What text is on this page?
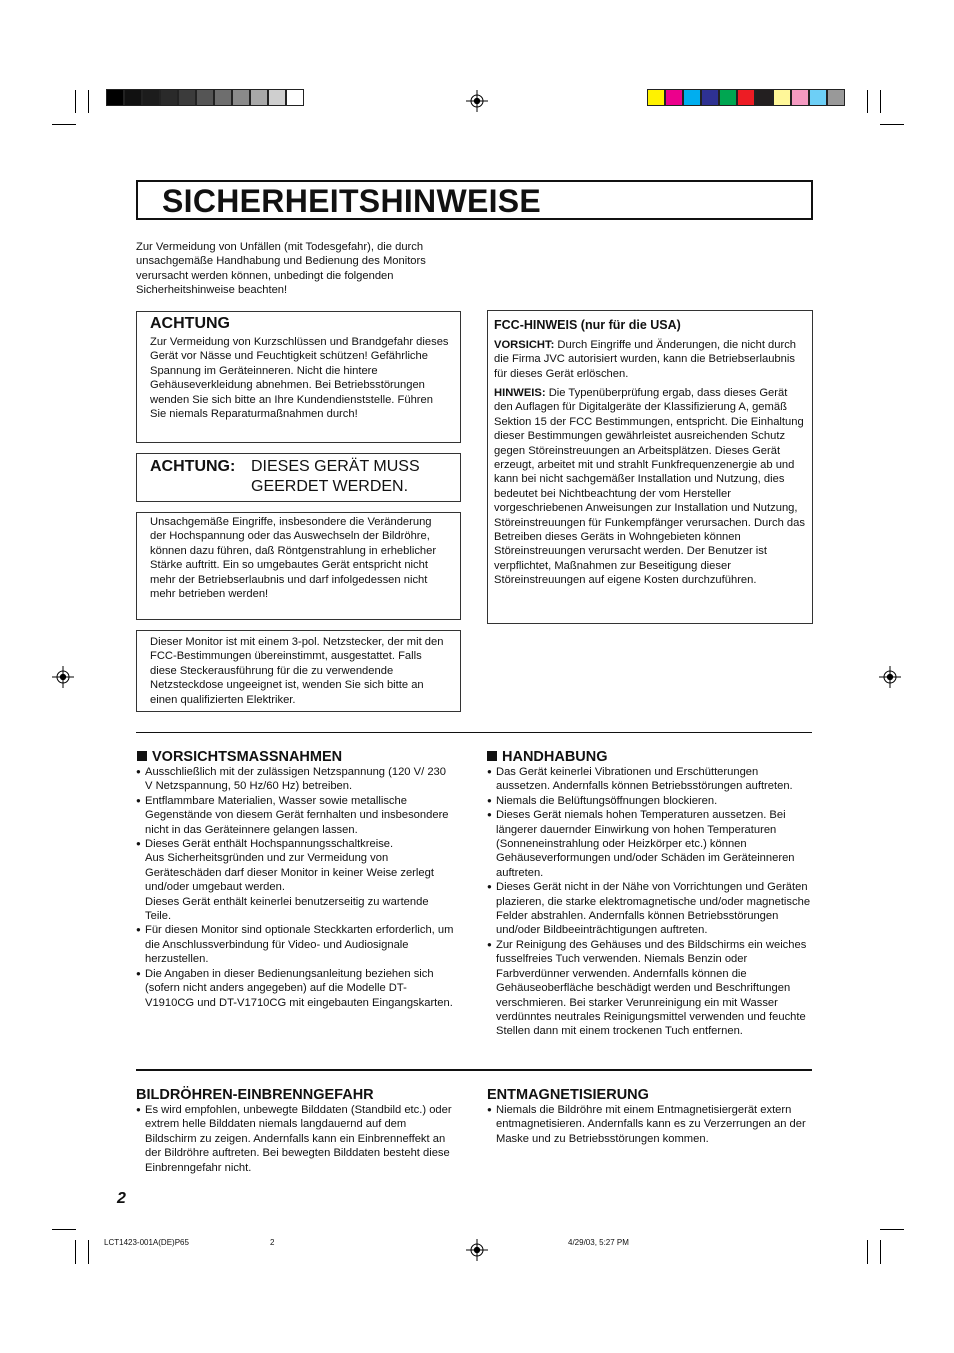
SICHERHEITSHINWEISE
Zur Vermeidung von Unfällen (mit Todesgefahr), die durch unsachgemäße Handhabung und Bedienung des Monitors verursacht werden können, unbedingt die folgenden Sicherheitshinweise beachten!
ACHTUNG
Zur Vermeidung von Kurzschlüssen und Brandgefahr dieses Gerät vor Nässe und Feuchtigkeit schützen! Gefährliche Spannung im Geräteinneren. Nicht die hintere Gehäuseverkleidung abnehmen. Bei Betriebsstörungen wenden Sie sich bitte an Ihre Kundendienststelle. Führen Sie niemals Reparaturmaßnahmen durch!
ACHTUNG: DIESES GERÄT MUSS
GEERDET WERDEN.
Unsachgemäße Eingriffe, insbesondere die Veränderung der Hochspannung oder das Auswechseln der Bildröhre, können dazu führen, daß Röntgenstrahlung in erheblicher Stärke auftritt. Ein so umgebautes Gerät entspricht nicht mehr der Betriebserlaubnis und darf infolgedessen nicht mehr betrieben werden!
Dieser Monitor ist mit einem 3-pol. Netzstecker, der mit den FCC-Bestimmungen übereinstimmt, ausgestattet. Falls diese Steckerausführung für die zu verwendende Netzsteckdose ungeeignet ist, wenden Sie sich bitte an einen qualifizierten Elektriker.
FCC-HINWEIS (nur für die USA)
VORSICHT: Durch Eingriffe und Änderungen, die nicht durch die Firma JVC autorisiert wurden, kann die Betriebserlaubnis für dieses Gerät erlöschen.
HINWEIS: Die Typenüberprüfung ergab, dass dieses Gerät den Auflagen für Digitalgeräte der Klassifizierung A, gemäß Sektion 15 der FCC Bestimmungen, entspricht. Die Einhaltung dieser Bestimmungen gewährleistet ausreichenden Schutz gegen Störeinstreuungen an Arbeitsplätzen. Dieses Gerät erzeugt, arbeitet mit und strahlt Funkfrequenzenergie ab und kann bei nicht sachgemäßer Installation und Nutzung, dies bedeutet bei Nichtbeachtung der vom Hersteller vorgeschriebenen Anweisungen zur Installation und Nutzung, Störeinstreuungen für Funkempfänger verursachen. Durch das Betreiben dieses Geräts in Wohngebieten können Störeinstreuungen verursacht werden. Der Benutzer ist verpflichtet, Maßnahmen zur Beseitigung dieser Störeinstreuungen auf eigene Kosten durchzuführen.
VORSICHTSMASSNAHMEN
● Ausschließlich mit der zulässigen Netzspannung (120 V/ 230 V Netzspannung, 50 Hz/60 Hz) betreiben.
● Entflammbare Materialien, Wasser sowie metallische Gegenstände von diesem Gerät fernhalten und insbesondere nicht in das Geräteinnere gelangen lassen.
● Dieses Gerät enthält Hochspannungsschaltkreise.
Aus Sicherheitsgründen und zur Vermeidung von Geräteschäden darf dieser Monitor in keiner Weise zerlegt und/oder umgebaut werden.
Dieses Gerät enthält keinerlei benutzerseitig zu wartende Teile.
● Für diesen Monitor sind optionale Steckkarten erforderlich, um die Anschlussverbindung für Video- und Audiosignale herzustellen.
● Die Angaben in dieser Bedienungsanleitung beziehen sich (sofern nicht anders angegeben) auf die Modelle DT-V1910CG und DT-V1710CG mit eingebauten Eingangskarten.
HANDHABUNG
● Das Gerät keinerlei Vibrationen und Erschütterungen aussetzen. Andernfalls können Betriebsstörungen auftreten.
● Niemals die Belüftungsöffnungen blockieren.
● Dieses Gerät niemals hohen Temperaturen aussetzen. Bei längerer dauernder Einwirkung von hohen Temperaturen (Sonneneinstrahlung oder Heizkörper etc.) können Gehäuseverformungen und/oder Schäden im Geräteinneren auftreten.
● Dieses Gerät nicht in der Nähe von Vorrichtungen und Geräten plazieren, die starke elektromagnetische und/oder magnetische Felder abstrahlen. Andernfalls können Betriebsstörungen und/oder Bildbeeinträchtigungen auftreten.
● Zur Reinigung des Gehäuses und des Bildschirms ein weiches fusselfreies Tuch verwenden. Niemals Benzin oder Farbverdünner verwenden. Andernfalls können die Gehäuseoberfläche beschädigt werden und Beschriftungen verschmieren. Bei starker Verunreinigung ein mit Wasser verdünntes neutrales Reinigungsmittel verwenden und feuchte Stellen dann mit einem trockenen Tuch entfernen.
BILDRÖHREN-EINBRENNGEFAHR
● Es wird empfohlen, unbewegte Bilddaten (Standbild etc.) oder extrem helle Bilddaten niemals langdauernd auf dem Bildschirm zu zeigen. Andernfalls kann ein Einbrenneffekt an der Bildröhre auftreten. Bei bewegten Bilddaten besteht diese Einbrenngefahr nicht.
ENTMAGNETISIERUNG
● Niemals die Bildröhre mit einem Entmagnetisiergerät extern entmagnetisieren. Andernfalls kann es zu Verzerrungen an der Maske und zu Betriebsstörungen kommen.
2
LCT1423-001A(DE)P65	2	4/29/03, 5:27 PM
